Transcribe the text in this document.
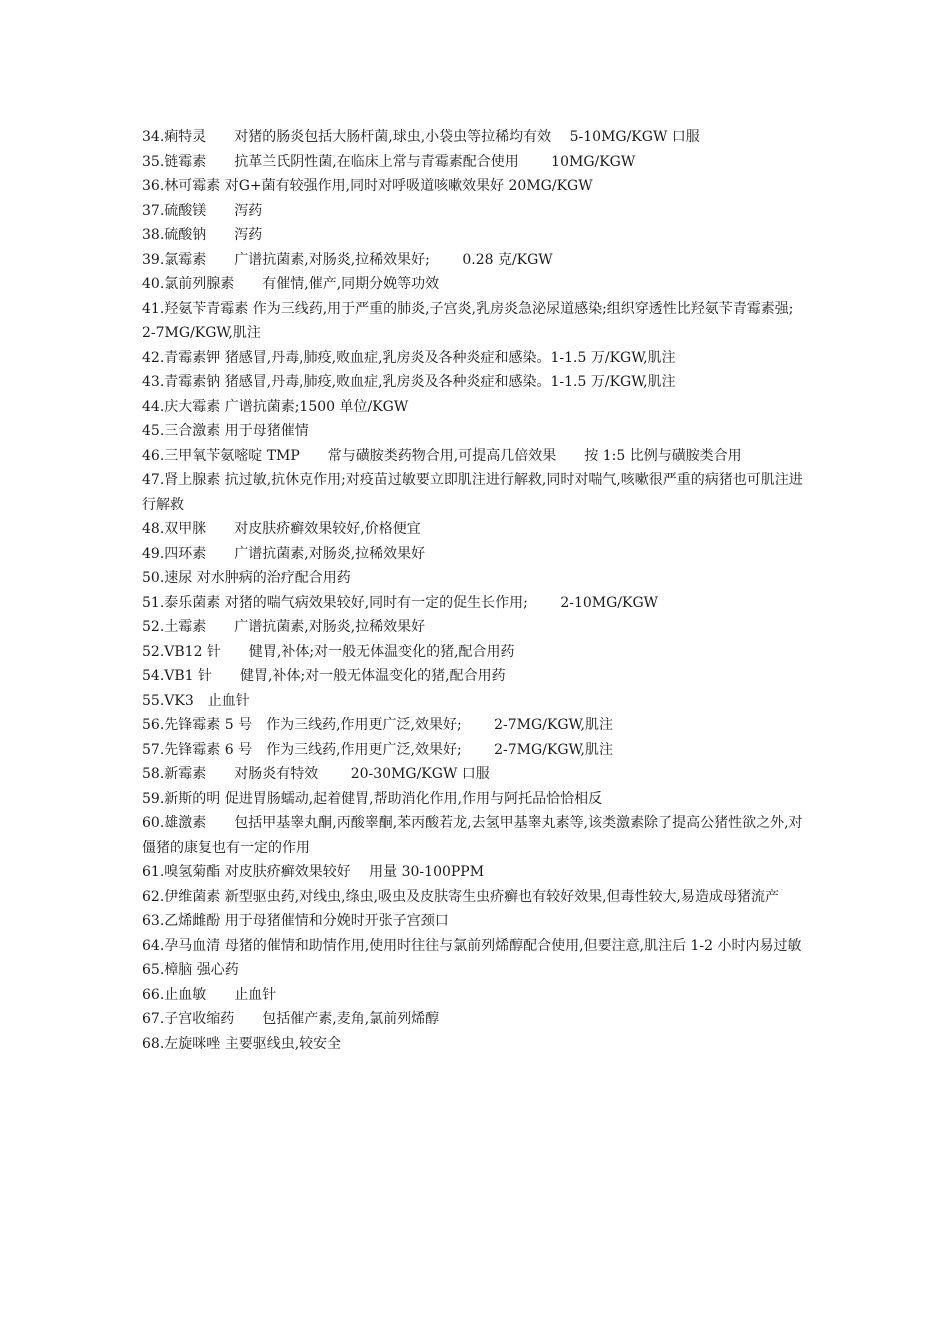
34.痢特灵　　对猪的肠炎包括大肠杆菌,球虫,小袋虫等拉稀均有效　 5-10MG/KGW 口服

35.链霉素　　抗革兰氏阴性菌,在临床上常与青霉素配合使用　　 10MG/KGW

36.林可霉素 对G+菌有较强作用,同时对呼吸道咳嗽效果好 20MG/KGW

37.硫酸镁　　泻药

38.硫酸钠　　泻药

39.氯霉素　　广谱抗菌素,对肠炎,拉稀效果好;　　 0.28 克/KGW

40.氯前列腺素　　有催情,催产,同期分娩等功效

41.羟氨苄青霉素 作为三线药,用于严重的肺炎,子宫炎,乳房炎急泌尿道感染;组织穿透性比羟氨苄青霉素强;　　 2-7MG/KGW,肌注

42.青霉素钾 猪感冒,丹毒,肺疫,败血症,乳房炎及各种炎症和感染。1-1.5 万/KGW,肌注

43.青霉素钠 猪感冒,丹毒,肺疫,败血症,乳房炎及各种炎症和感染。1-1.5 万/KGW,肌注

44.庆大霉素 广谱抗菌素;1500 单位/KGW

45.三合激素 用于母猪催情

46.三甲氧苄氨嘧啶 TMP　　常与磺胺类药物合用,可提高几倍效果　　按 1:5 比例与磺胺类合用

47.肾上腺素 抗过敏,抗休克作用;对疫苗过敏要立即肌注进行解救,同时对喘气,咳嗽很严重的病猪也可肌注进行解救

48.双甲脒　　对皮肤疥癣效果较好,价格便宜

49.四环素　　广谱抗菌素,对肠炎,拉稀效果好

50.速尿 对水肿病的治疗配合用药

51.泰乐菌素 对猪的喘气病效果较好,同时有一定的促生长作用;　　 2-10MG/KGW

52.土霉素　　广谱抗菌素,对肠炎,拉稀效果好

52.VB12 针　　健胃,补体;对一般无体温变化的猪,配合用药

54.VB1 针　　健胃,补体;对一般无体温变化的猪,配合用药

55.VK3　止血针

56.先锋霉素 5 号　作为三线药,作用更广泛,效果好;　　 2-7MG/KGW,肌注

57.先锋霉素 6 号　作为三线药,作用更广泛,效果好;　　 2-7MG/KGW,肌注

58.新霉素　　对肠炎有特效　　 20-30MG/KGW 口服

59.新斯的明 促进胃肠蠕动,起着健胃,帮助消化作用,作用与阿托品恰恰相反

60.雄激素　　包括甲基睾丸酮,丙酸睾酮,苯丙酸若龙,去氢甲基睾丸素等,该类激素除了提高公猪性欲之外,对僵猪的康复也有一定的作用

61.嗅氢菊酯 对皮肤疥癣效果较好　 用量 30-100PPM

62.伊维菌素 新型驱虫药,对线虫,绦虫,吸虫及皮肤寄生虫疥癣也有较好效果,但毒性较大,易造成母猪流产

63.乙烯雌酚 用于母猪催情和分娩时开张子宫颈口

64.孕马血清 母猪的催情和助情作用,使用时往往与氯前列烯醇配合使用,但要注意,肌注后 1-2 小时内易过敏

65.樟脑 强心药

66.止血敏　　止血针

67.子宫收缩药　　包括催产素,麦角,氯前列烯醇

68.左旋咪唑 主要驱线虫,较安全
